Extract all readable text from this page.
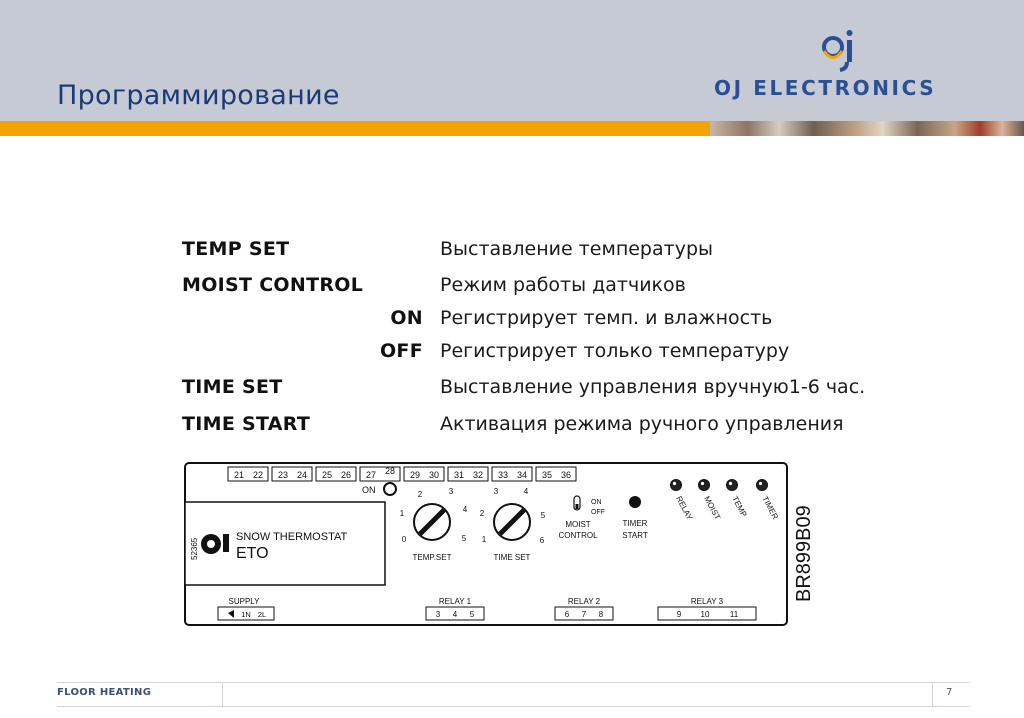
Программирование	OJ ELECTRONICS
TEMP SET	Выставление температуры
MOIST CONTROL	Режим работы датчиков
ON Регистрирует темп. и влажность
OFF Регистрирует только температуру
TIME SET	Выставление управления вручную1-6 час.
TIME START	Активация режима ручного управления
21 22 23 24 25 26 27 28 29 30 31 32 33 34 35 36
ON
52365
SNOW THERMOSTAT
ETO
0
1
2	3
4
5
TEMP.SET
1
2
3	4
5
6
TIME SET
ON
OFF
MOIST
CONTROL
TIMER
START
RELAY MOIST TEMP TIMER BR899B09
SUPPLY
1N 2L
RELAY 1
3 4 5
RELAY 2
6 7 8
RELAY 3
9 10	11
FLOOR HEATING	7
